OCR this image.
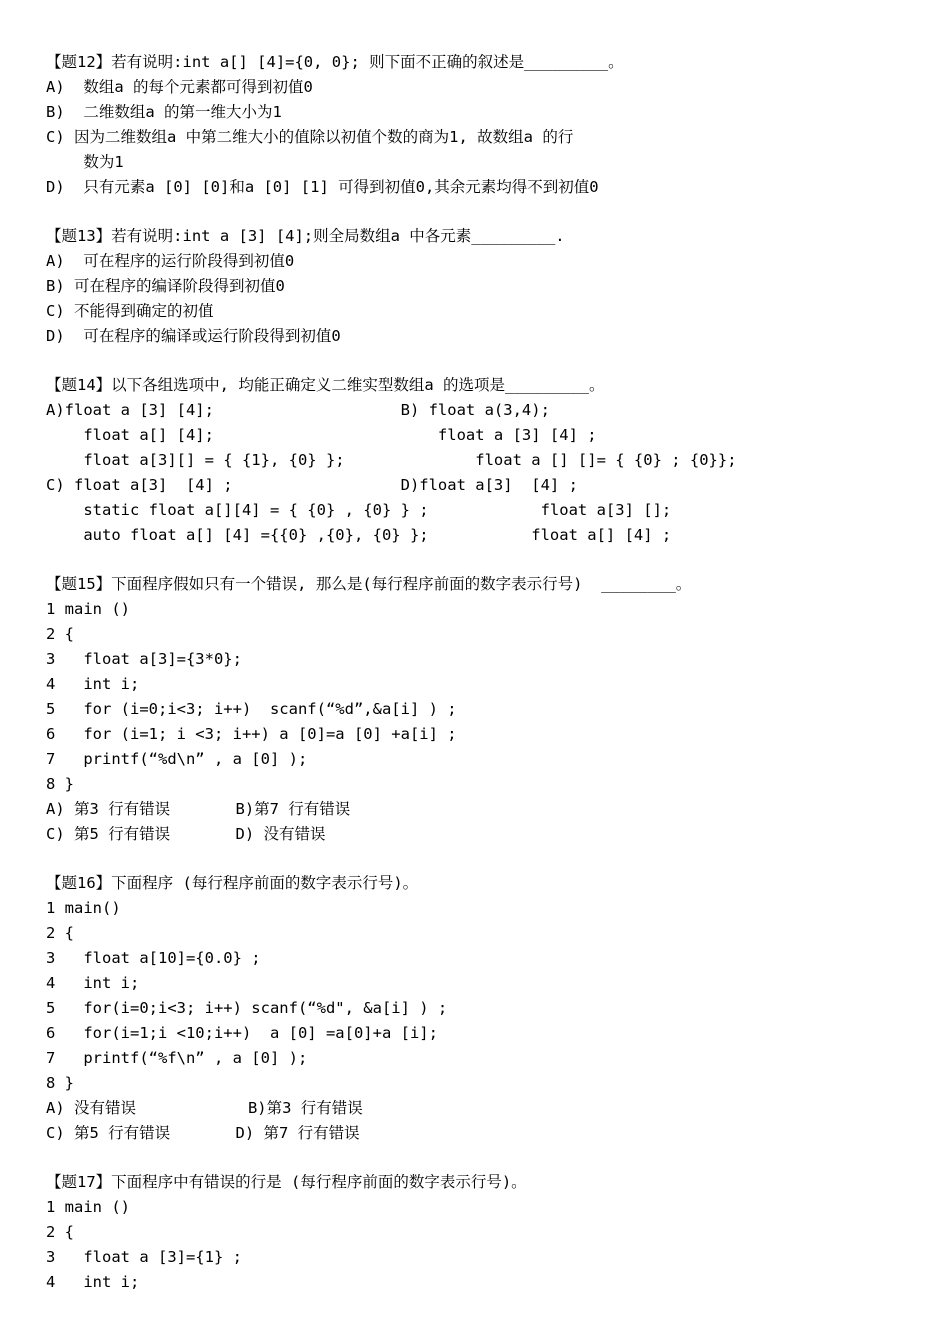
【题12】若有说明:int a[] [4]={0, 0}; 则下面不正确的叙述是_________。
A)  数组a 的每个元素都可得到初值0
B)  二维数组a 的第一维大小为1
C) 因为二维数组a 中第二维大小的值除以初值个数的商为1, 故数组a 的行
数为1
D)  只有元素a [0] [0]和a [0] [1] 可得到初值0,其余元素均得不到初值0
【题13】若有说明:int a [3] [4];则全局数组a 中各元素_________.
A)  可在程序的运行阶段得到初值0
B) 可在程序的编译阶段得到初值0
C) 不能得到确定的初值
D)  可在程序的编译或运行阶段得到初值0
【题14】以下各组选项中, 均能正确定义二维实型数组a 的选项是_________。
A)float a [3] [4];                    B) float a(3,4);
float a[] [4];                        float a [3] [4] ;
float a[3][] = { {1}, {0} };              float a [] []= { {0} ; {0}};
C) float a[3]  [4] ;                  D)float a[3]  [4] ;
static float a[][4] = { {0} , {0} } ;            float a[3] [];
auto float a[] [4] ={{0} ,{0}, {0} };           float a[] [4] ;
【题15】下面程序假如只有一个错误, 那么是(每行程序前面的数字表示行号)  ________。
1 main ()
2 {
3   float a[3]={3*0};
4   int i;
5   for (i=0;i<3; i++)  scanf(“%d”,&a[i] ) ;
6   for (i=1; i <3; i++) a [0]=a [0] +a[i] ;
7   printf(“%d\n” , a [0] );
8 }
A) 第3 行有错误       B)第7 行有错误
C) 第5 行有错误       D) 没有错误
【题16】下面程序 (每行程序前面的数字表示行号)。
1 main()
2 {
3   float a[10]={0.0} ;
4   int i;
5   for(i=0;i<3; i++) scanf(“%d", &a[i] ) ;
6   for(i=1;i <10;i++)  a [0] =a[0]+a [i];
7   printf(“%f\n” , a [0] );
8 }
A) 没有错误            B)第3 行有错误
C) 第5 行有错误       D) 第7 行有错误
【题17】下面程序中有错误的行是 (每行程序前面的数字表示行号)。
1 main ()
2 {
3   float a [3]={1} ;
4   int i;
